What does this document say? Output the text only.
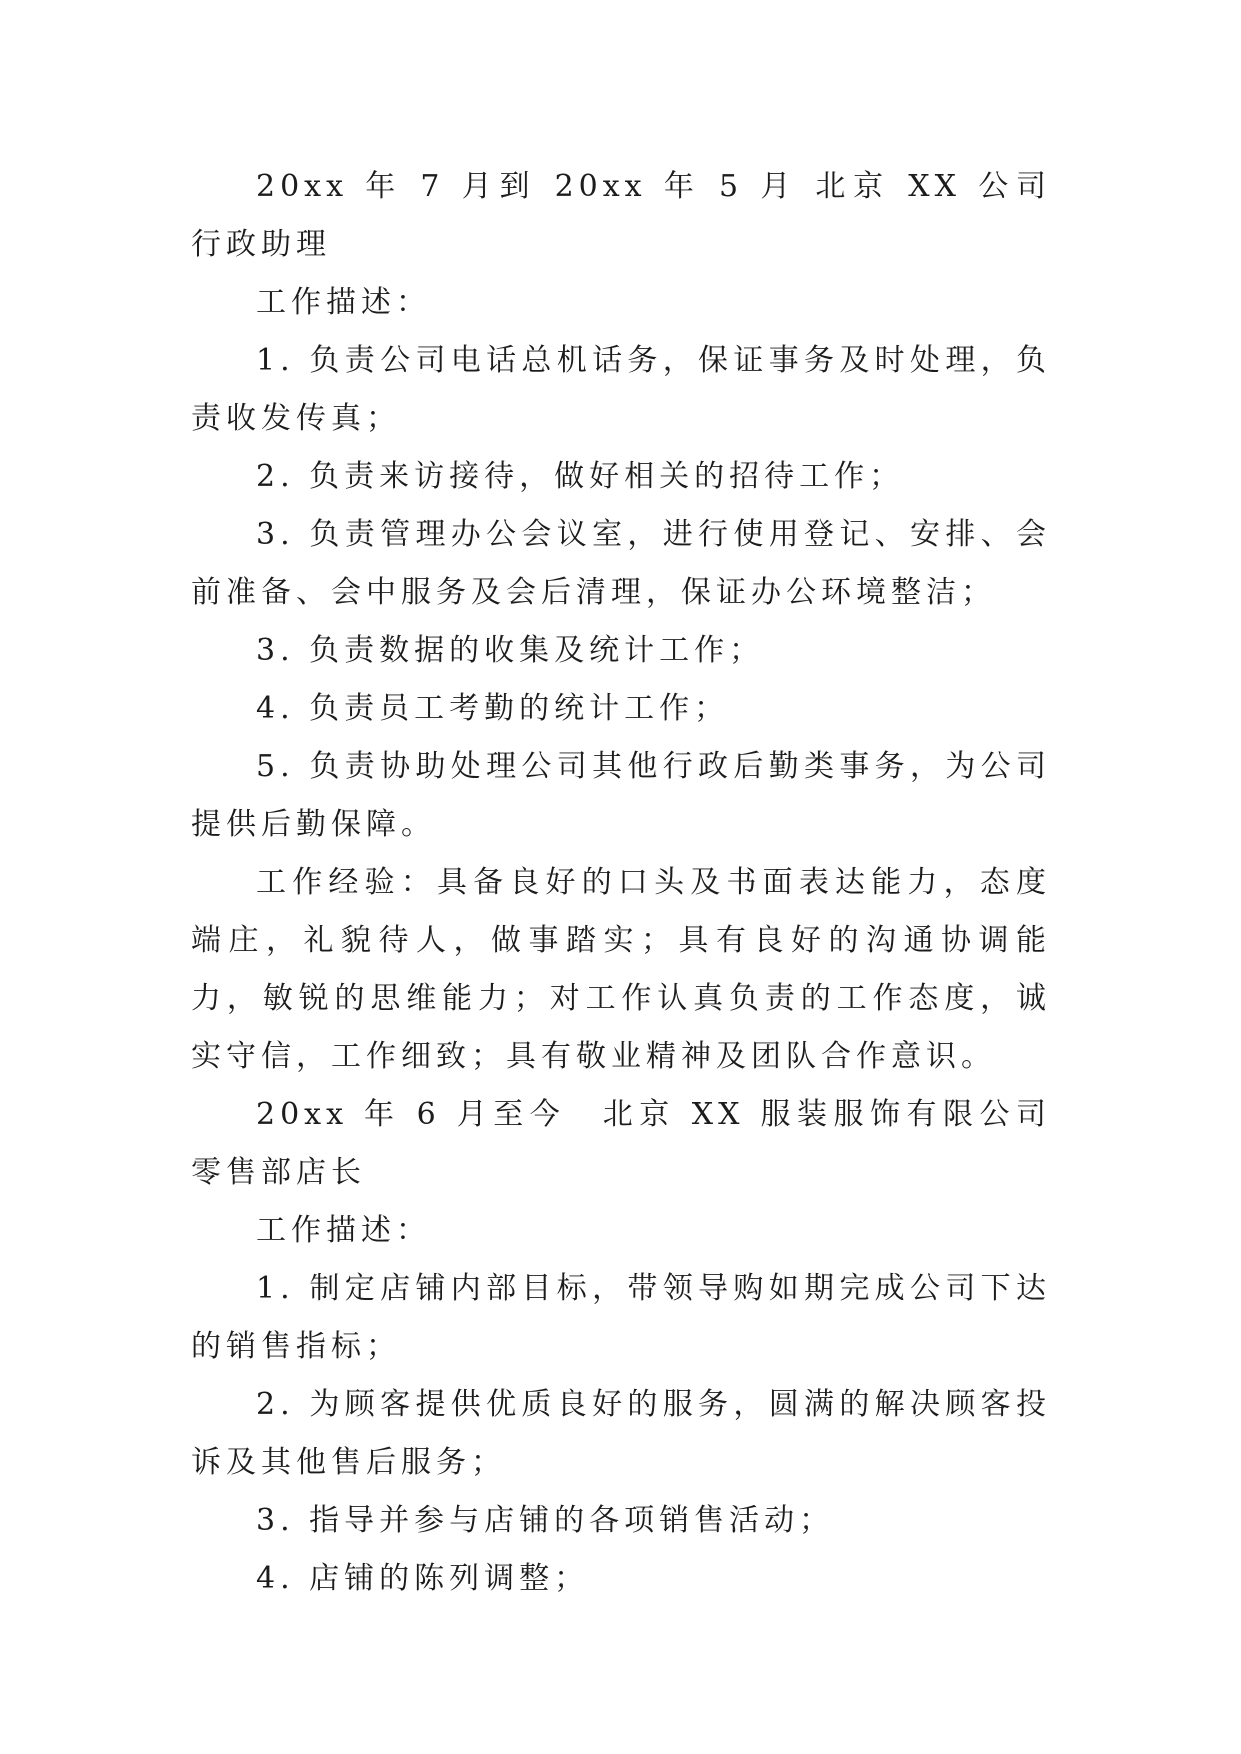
20xx 年 7 月到 20xx 年 5 月 北京 XX 公司　行政助理

工作描述：

1. 负责公司电话总机话务，保证事务及时处理，负责收发传真；

2. 负责来访接待，做好相关的招待工作；

3. 负责管理办公会议室，进行使用登记、安排、会前准备、会中服务及会后清理，保证办公环境整洁；

3. 负责数据的收集及统计工作；

4. 负责员工考勤的统计工作；

5. 负责协助处理公司其他行政后勤类事务，为公司提供后勤保障。

工作经验：具备良好的口头及书面表达能力，态度端庄，礼貌待人，做事踏实；具有良好的沟通协调能力，敏锐的思维能力；对工作认真负责的工作态度，诚实守信，工作细致；具有敬业精神及团队合作意识。

20xx 年 6 月至今　北京 XX 服装服饰有限公司 零售部店长

工作描述：

1. 制定店铺内部目标，带领导购如期完成公司下达的销售指标；

2. 为顾客提供优质良好的服务，圆满的解决顾客投诉及其他售后服务；

3. 指导并参与店铺的各项销售活动；

4. 店铺的陈列调整；
